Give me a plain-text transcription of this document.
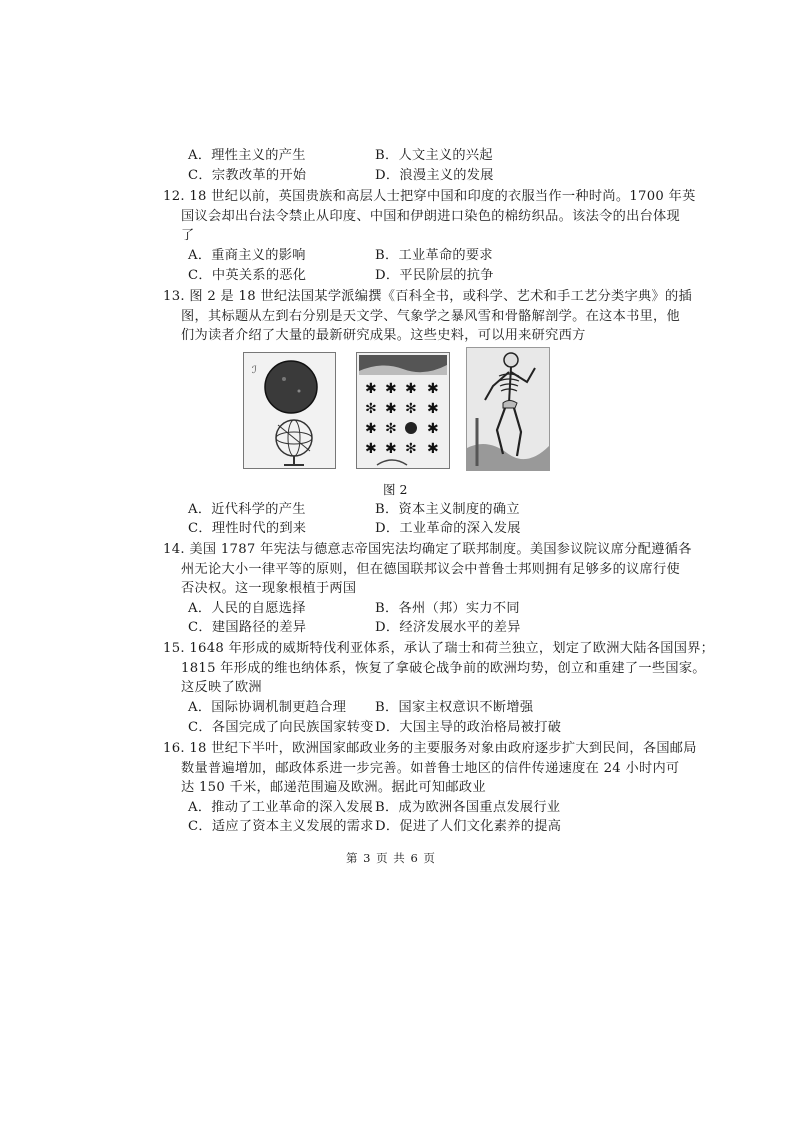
A．理性主义的产生	B．人文主义的兴起
C．宗教改革的开始	D．浪漫主义的发展
12. 18 世纪以前，英国贵族和高层人士把穿中国和印度的衣服当作一种时尚。1700 年英
国议会却出台法令禁止从印度、中国和伊朗进口染色的棉纺织品。该法令的出台体现
了
A．重商主义的影响	B．工业革命的要求
C．中英关系的恶化	D．平民阶层的抗争
13. 图 2 是 18 世纪法国某学派编撰《百科全书，或科学、艺术和手工艺分类字典》的插
图，其标题从左到右分别是天文学、气象学之暴风雪和骨骼解剖学。在这本书里，他
们为读者介绍了大量的最新研究成果。这些史料，可以用来研究西方
ℐ
✱ ✱ ✱ ✱
✻ ✱ ✻ ✱
✱ ✻ ✱
✱ ✱ ✻ ✱
图 2
A．近代科学的产生	B．资本主义制度的确立
C．理性时代的到来	D．工业革命的深入发展
14. 美国 1787 年宪法与德意志帝国宪法均确定了联邦制度。美国参议院议席分配遵循各
州无论大小一律平等的原则，但在德国联邦议会中普鲁士邦则拥有足够多的议席行使
否决权。这一现象根植于两国
A．人民的自愿选择	B．各州（邦）实力不同
C．建国路径的差异	D．经济发展水平的差异
15. 1648 年形成的威斯特伐利亚体系，承认了瑞士和荷兰独立，划定了欧洲大陆各国国界；
1815 年形成的维也纳体系，恢复了拿破仑战争前的欧洲均势，创立和重建了一些国家。
这反映了欧洲
A．国际协调机制更趋合理 B．国家主权意识不断增强
C．各国完成了向民族国家转变 D．大国主导的政治格局被打破
16. 18 世纪下半叶，欧洲国家邮政业务的主要服务对象由政府逐步扩大到民间，各国邮局
数量普遍增加，邮政体系进一步完善。如普鲁士地区的信件传递速度在 24 小时内可
达 150 千米，邮递范围遍及欧洲。据此可知邮政业
A．推动了工业革命的深入发展 B．成为欧洲各国重点发展行业
C．适应了资本主义发展的需求 D．促进了人们文化素养的提高
第 3 页 共 6 页
